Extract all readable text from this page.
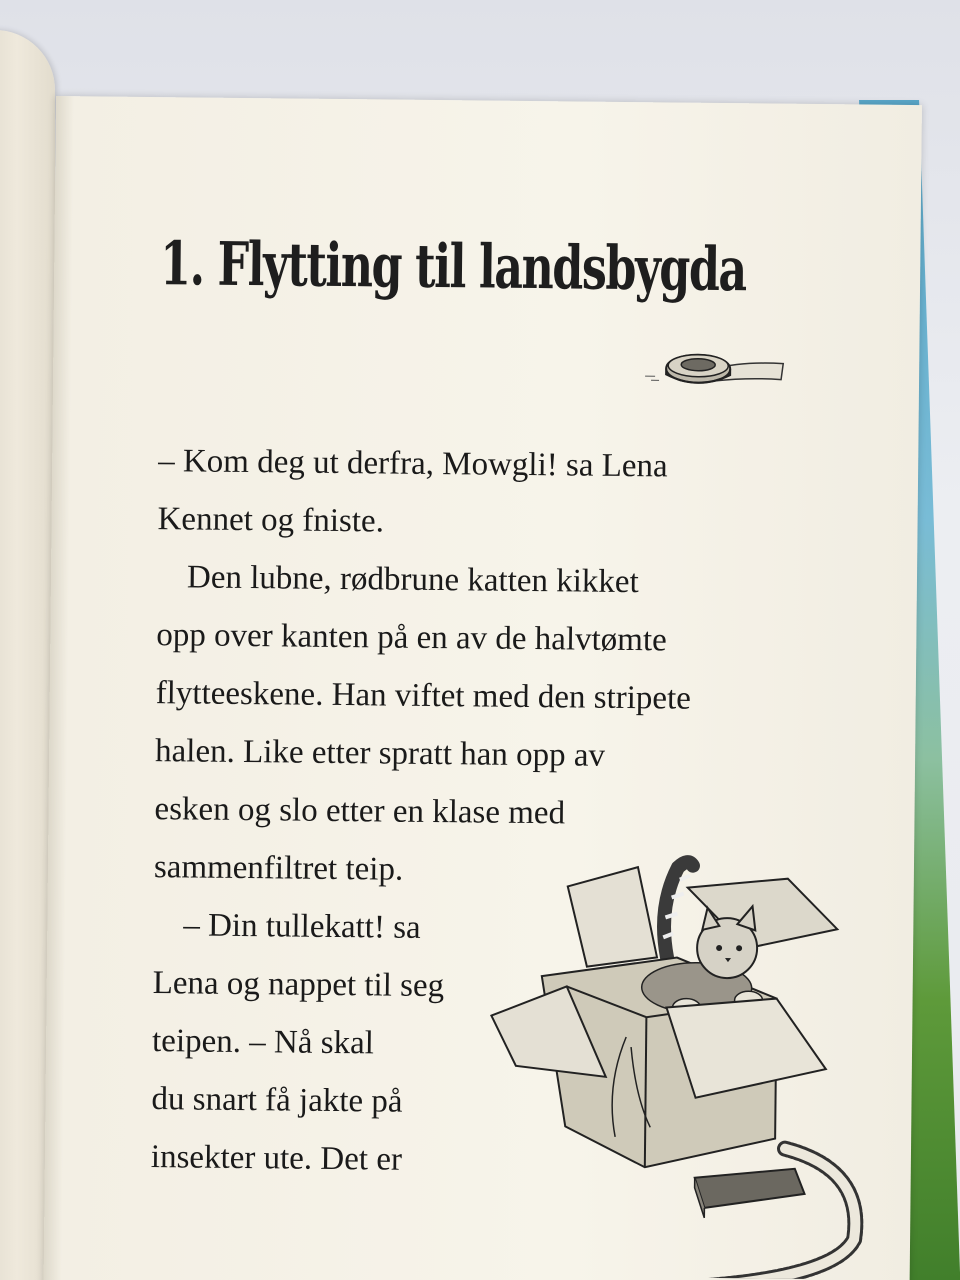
1. Flytting til landsbygda
– Kom deg ut derfra, Mowgli! sa Lena
Kennet og fniste.
Den lubne, rødbrune katten kikket
opp over kanten på en av de halvtømte
flytteeskene. Han viftet med den stripete
halen. Like etter spratt han opp av
esken og slo etter en klase med
sammenfiltret teip.
– Din tullekatt! sa
Lena og nappet til seg
teipen. – Nå skal
du snart få jakte på
insekter ute. Det er
